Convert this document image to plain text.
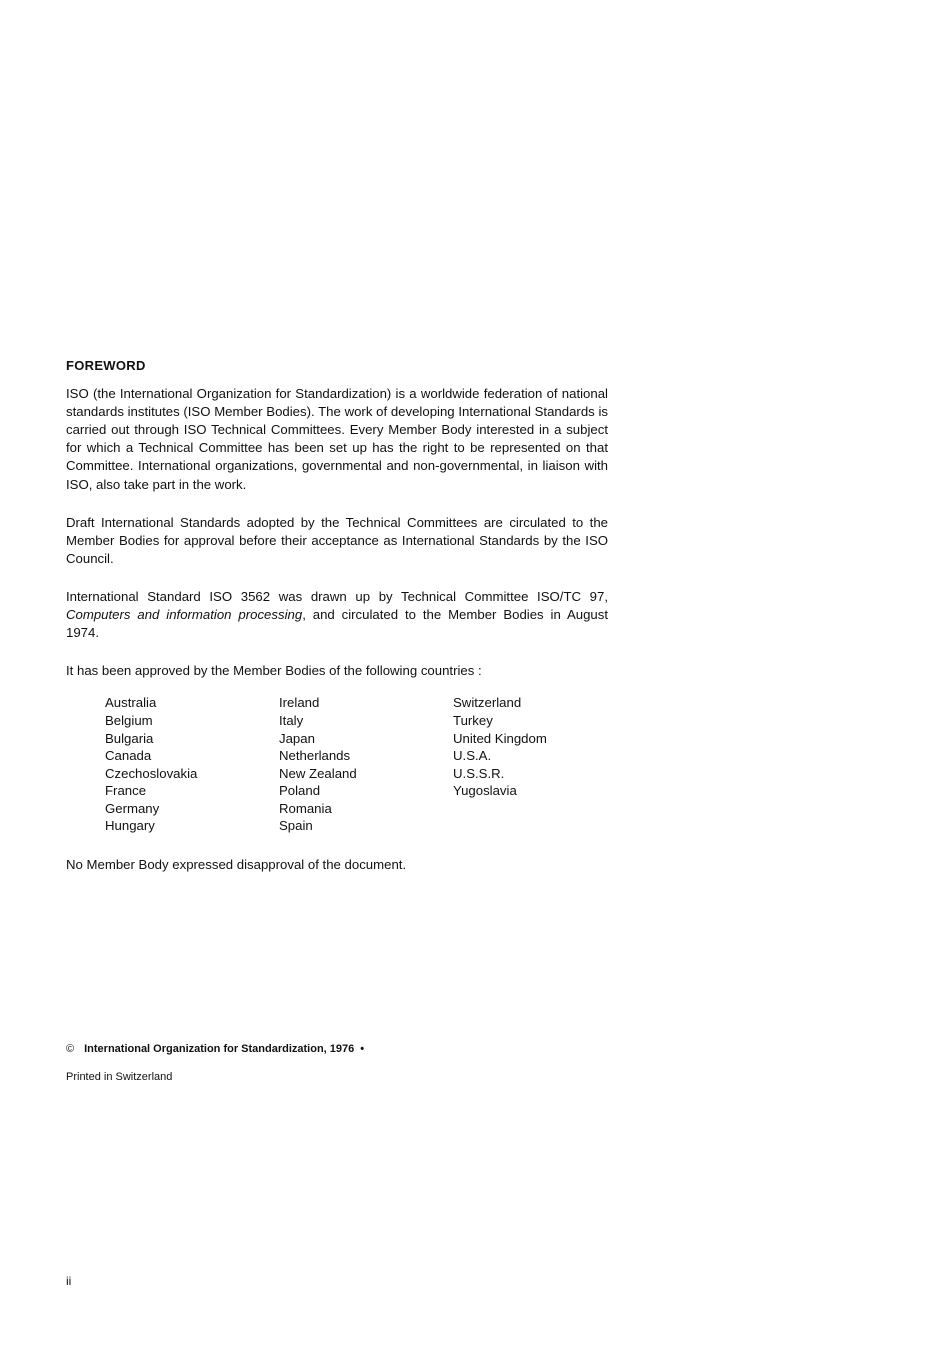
FOREWORD

ISO (the International Organization for Standardization) is a worldwide federation of national standards institutes (ISO Member Bodies). The work of developing International Standards is carried out through ISO Technical Committees. Every Member Body interested in a subject for which a Technical Committee has been set up has the right to be represented on that Committee. International organizations, governmental and non-governmental, in liaison with ISO, also take part in the work.

Draft International Standards adopted by the Technical Committees are circulated to the Member Bodies for approval before their acceptance as International Standards by the ISO Council.

International Standard ISO 3562 was drawn up by Technical Committee ISO/TC 97, Computers and information processing, and circulated to the Member Bodies in August 1974.

It has been approved by the Member Bodies of the following countries :

Australia
Belgium
Bulgaria
Canada
Czechoslovakia
France
Germany
Hungary
Ireland
Italy
Japan
Netherlands
New Zealand
Poland
Romania
Spain
Switzerland
Turkey
United Kingdom
U.S.A.
U.S.S.R.
Yugoslavia

No Member Body expressed disapproval of the document.

© International Organization for Standardization, 1976 •
Printed in Switzerland
ii
